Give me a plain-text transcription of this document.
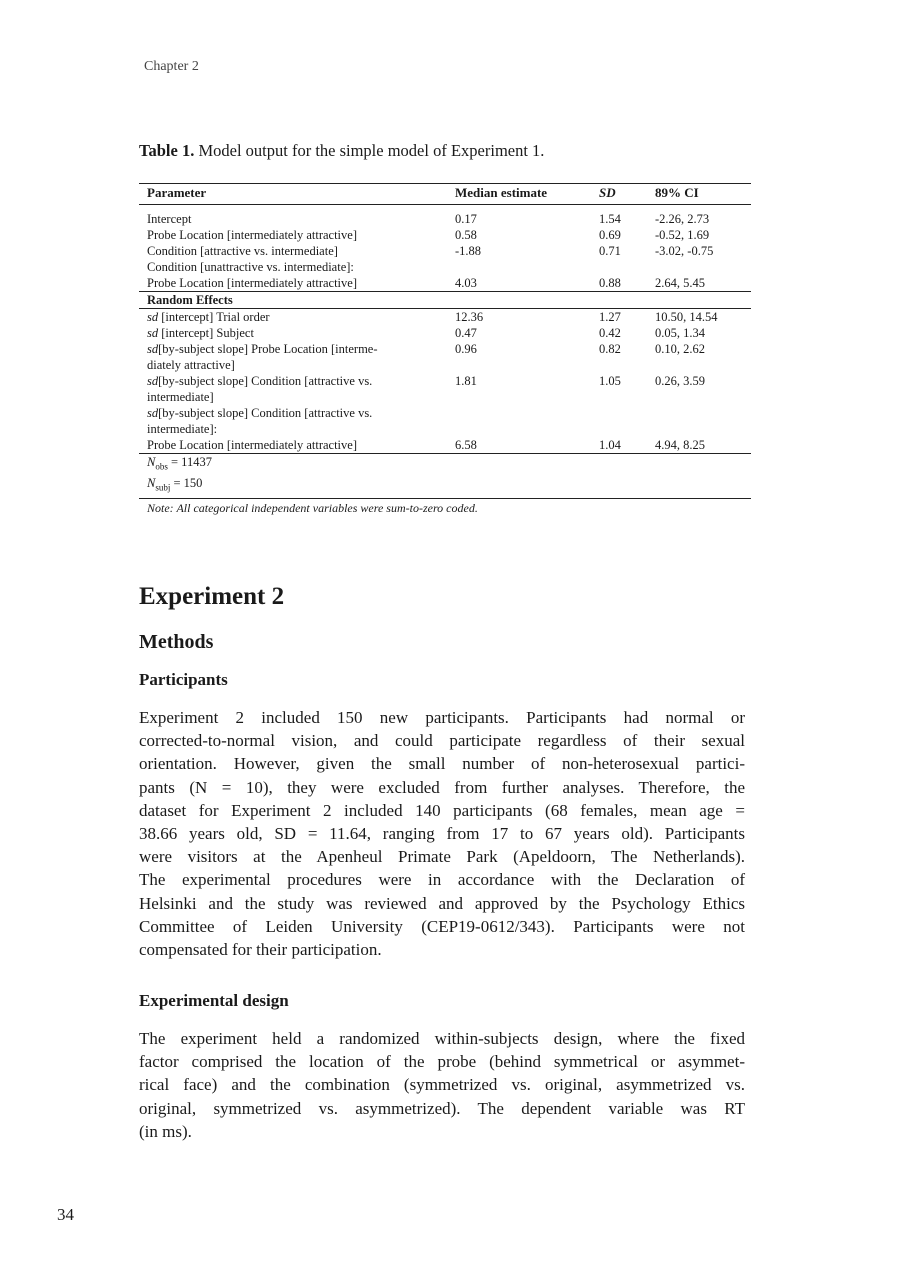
Chapter 2
Table 1. Model output for the simple model of Experiment 1.
Parameter	Median estimate	SD	89% CI
Intercept	0.17	1.54	-2.26, 2.73
Probe Location [intermediately attractive]	0.58	0.69	-0.52, 1.69
Condition [attractive vs. intermediate]	-1.88	0.71	-3.02, -0.75
Condition [unattractive vs. intermediate]:			
Probe Location [intermediately attractive]	4.03	0.88	2.64, 5.45
Random Effects			
sd [intercept] Trial order	12.36	1.27	10.50, 14.54
sd [intercept] Subject	0.47	0.42	0.05, 1.34
sd[by-subject slope] Probe Location [interme-	0.96	0.82	0.10, 2.62
diately attractive]			
sd[by-subject slope] Condition [attractive vs.	1.81	1.05	0.26, 3.59
intermediate]			
sd[by-subject slope] Condition [attractive vs.			
intermediate]:			
Probe Location [intermediately attractive]	6.58	1.04	4.94, 8.25
$N_{obs} = 11437$			
$N_{subj} = 150$			
Note: All categorical independent variables were sum-to-zero coded.			
Experiment 2
Methods
Participants
Experiment 2 included 150 new participants. Participants had normal or
corrected-to-normal vision, and could participate regardless of their sexual
orientation. However, given the small number of non-heterosexual partici-
pants (N = 10), they were excluded from further analyses. Therefore, the
dataset for Experiment 2 included 140 participants (68 females, mean age =
38.66 years old, SD = 11.64, ranging from 17 to 67 years old). Participants
were visitors at the Apenheul Primate Park (Apeldoorn, The Netherlands).
The experimental procedures were in accordance with the Declaration of
Helsinki and the study was reviewed and approved by the Psychology Ethics
Committee of Leiden University (CEP19-0612/343). Participants were not
compensated for their participation.
Experimental design
The experiment held a randomized within-subjects design, where the fixed
factor comprised the location of the probe (behind symmetrical or asymmet-
rical face) and the combination (symmetrized vs. original, asymmetrized vs.
original, symmetrized vs. asymmetrized). The dependent variable was RT
(in ms).
34
